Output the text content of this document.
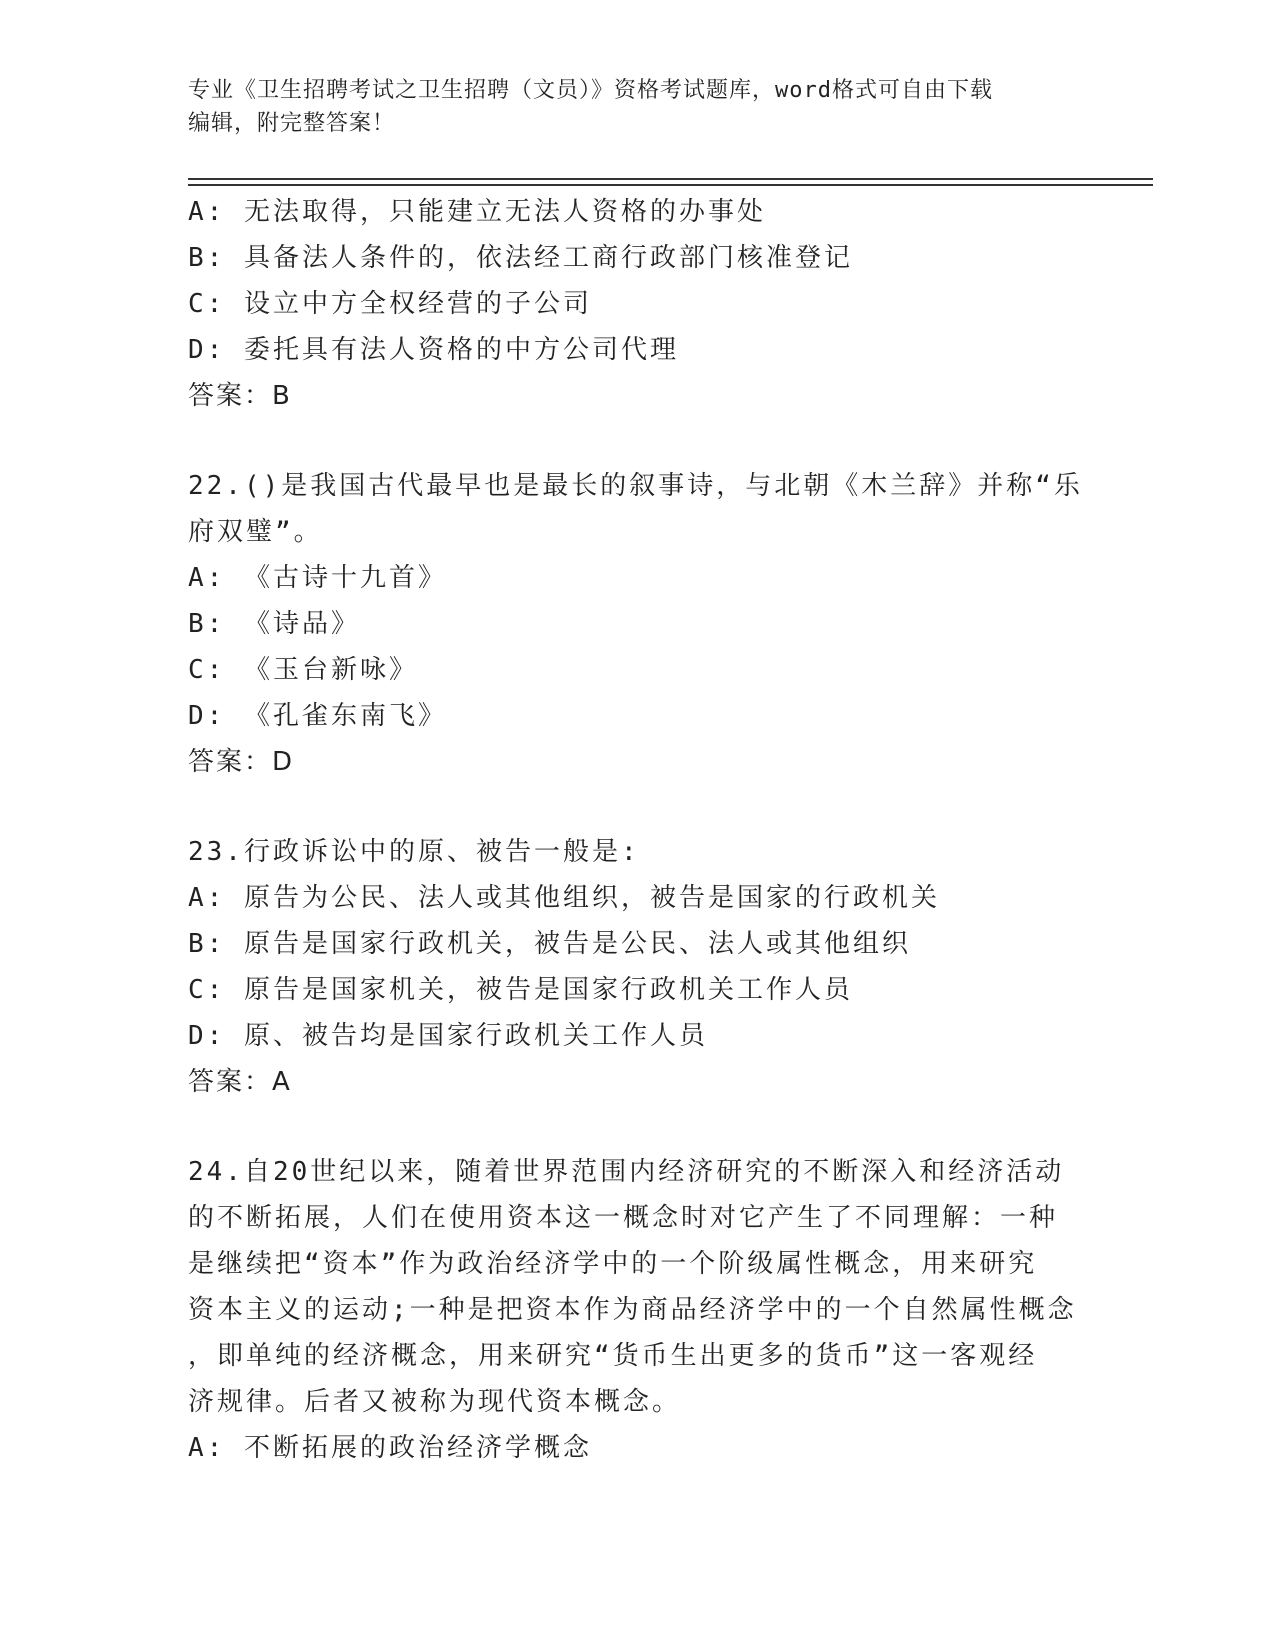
专业《卫生招聘考试之卫生招聘（文员）》资格考试题库，word格式可自由下载
编辑，附完整答案！
A: 无法取得，只能建立无法人资格的办事处
B: 具备法人条件的，依法经工商行政部门核准登记
C: 设立中方全权经营的子公司
D: 委托具有法人资格的中方公司代理
答案：B
22.()是我国古代最早也是最长的叙事诗，与北朝《木兰辞》并称“乐
府双璧”。
A: 《古诗十九首》
B: 《诗品》
C: 《玉台新咏》
D: 《孔雀东南飞》
答案：D
23.行政诉讼中的原、被告一般是:
A: 原告为公民、法人或其他组织，被告是国家的行政机关
B: 原告是国家行政机关，被告是公民、法人或其他组织
C: 原告是国家机关，被告是国家行政机关工作人员
D: 原、被告均是国家行政机关工作人员
答案：A
24.自20世纪以来，随着世界范围内经济研究的不断深入和经济活动
的不断拓展，人们在使用资本这一概念时对它产生了不同理解：一种
是继续把“资本”作为政治经济学中的一个阶级属性概念，用来研究
资本主义的运动;一种是把资本作为商品经济学中的一个自然属性概念
，即单纯的经济概念，用来研究“货币生出更多的货币”这一客观经
济规律。后者又被称为现代资本概念。
A: 不断拓展的政治经济学概念
